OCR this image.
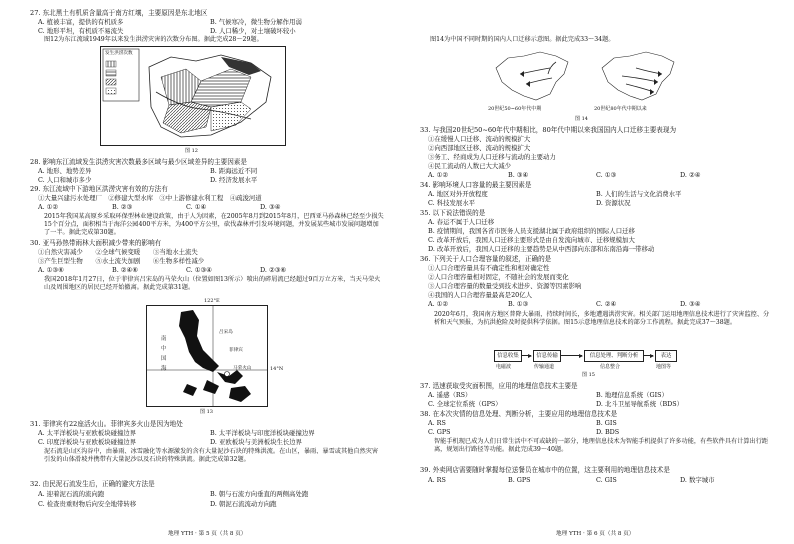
27. 东北黑土有机质含量高于南方红壤，主要原因是东北地区
A. 植被丰富，提供的有机质多	B. 气候寒冷，微生物分解作用弱
C. 地形平坦，有机质不易流失	D. 人口稀少，对土壤破坏较小
图12为东江流域1949年以来发生洪涝灾害的次数分布图。据此完成28～29题。
发生洪涝次数
图 12
28. 影响东江流域发生洪涝灾害次数最多区域与最少区域差异的主要因素是
A. 地形、地势差异	B. 距海远近不同
C. 人口和城市多少	D. 经济发展水平
29. 东江流域中下游地区洪涝灾害有效的方法有
①大量兴建污水处理厂　②修建大型水库　③中上游修建水利工程　④疏浚河道
A. ①②	B. ②③	C. ①④	D. ③④
2015年我国某高原乡采取环保型林业建设政策，由于人为因素，在2005年8月到2015年8月，巴西亚马孙森林已经至少损失15个百分点，面积相当于海洋公园400平方米，为400平方公里，砍伐森林并引发环境问题，并发展某些城市发展问题增加了一半。据此完成第30题。
30. 亚马孙热带雨林大面积减少带来的影响有
①自然灾害减少　　②全球气候变暖　　③当地水土流失
③产生巨型生物　　⑤水土流失加剧　　⑥生物多样性减少
A. ①③⑥	B. ②④⑥	C. ①③④	D. ②③⑥
我国2018年1月27日，位于菲律宾吕宋岛的马荣火山（位置如图13所示）喷出的碎屑流已经超过9百万立方米，当天马荣火山及周围地区的居民已经开始撤离。据此完成第31题。
122°E
南
中
国
海
吕宋岛
菲律宾
马荣火山	14°N
图 13
31. 菲律宾有22座活火山。菲律宾多火山是因为地处
A. 太平洋板块与亚欧板块碰撞边界	B. 太平洋板块与印度洋板块碰撞边界
C. 印度洋板块与亚欧板块碰撞边界	D. 亚欧板块与美洲板块生长边界
泥石流是山区沟谷中，由暴雨、冰雪融化等水源激发的含有大量泥沙石块的特殊洪流。在山区，暴雨、暴雪或其他自然灾害引发的山体滑坡并携带有大量泥沙以及石块的特殊洪流。据此完成第32题。
32. 由民泥石流发生后，正确的避灾方法是
A. 迎着泥石流的流向跑	B. 朝与石流方向垂直的两侧高处跑
C. 检查贵重财物后向安全地带转移	D. 朝泥石流流动方向跑
地理 YTH · 第 5 页（共 8 页）
图14为中国不同时期的国内人口迁移示意图。据此完成33～34题。
20世纪50~60年代中期	20世纪80年代中期以来
图 14
33. 与我国20世纪50~60年代中期相比，80年代中期以来我国国内人口迁移主要表现为
①在缓慢人口迁移、流动的规模扩大
②向西部地区迁移、流动的规模扩大
③务工、经商成为人口迁移与流动的主要动力
④民工流动的人数已大大减少
A. ①②	B. ③④	C. ①③	D. ②④
34. 影响环境人口容量的最主要因素是
A. 地区对外开放程度	B. 人们的生活与文化消费水平
C. 科技发展水平	D. 资源状况
35. 以下说法错误的是
A. 春运不属于人口迁移
B. 疫情期间，我国各省市医务人员支援湖北属于政府组织的国际人口迁移
C. 改革开放后，我国人口迁移主要形式是由自发流向城市、迁移规模加大
D. 改革开放后，我国人口迁移的主要趋势是从中西部向东部和东南沿海一带移动
36. 下列关于人口合理容量的叙述，正确的是
①人口合理容量具有不确定性和相对确定性
②人口合理容量相对固定，不随社会的发展而变化
③人口合理容量的数量受到技术进步、资源等因素影响
④我国的人口合理容量最高是20亿人
A. ①②	B. ①③	C. ②④	D. ③④
2020年6月，我国南方地区普降大暴雨，持续时间长，多地遭遇洪涝灾害。相关部门运用地理信息技术进行了灾害监控、分析和天气预报，为抗洪抢险及时提供科学依据。图15示意地理信息技术的部分工作流程。据此完成37～38题。
信息收集	信息传输	信息处理、判断分析	表达
电磁波	传输通道	信息整合	地图等
图 15
37. 迅速获取受灾面积图，应用的地理信息技术主要是
A. 遥感（RS）	B. 地理信息系统（GIS）
C. 全球定位系统（GPS）	D. 北斗卫星导航系统（BDS）
38. 在本次灾情的信息处理、判断分析，主要应用的地理信息技术是
A. RS	B. GIS
C. GPS	D. BDS
智能手机现已成为人们日常生活中不可或缺的一部分，地理信息技术为智能手机提供了许多功能，有些软件具有计算出行距离，规划出行路径等功能。据此完成39～40题。
39. 外卖网店需要随时掌握每位送餐员在城市中的位置，这主要利用的地理信息技术是
A. RS	B. GPS	C. GIS	D. 数字城市
地理 YTH · 第 6 页（共 8 页）
